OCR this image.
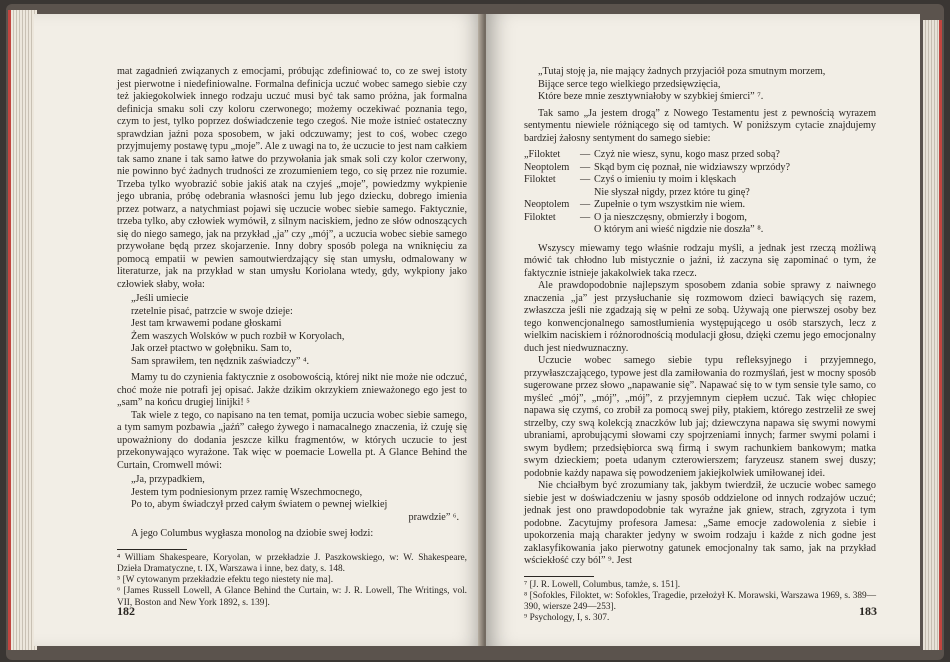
mat zagadnień związanych z emocjami, próbując zdefiniować to, co ze swej istoty jest pierwotne i niedefiniowalne. Formalna definicja uczuć wobec samego siebie czy też jakiegokolwiek innego rodzaju uczuć musi być tak samo próżna, jak formalna definicja smaku soli czy koloru czerwonego; możemy oczekiwać poznania tego, czym to jest, tylko poprzez doświadczenie tego czegoś. Nie może istnieć ostateczny sprawdzian jaźni poza sposobem, w jaki odczuwamy; jest to coś, wobec czego przyjmujemy postawę typu „moje”. Ale z uwagi na to, że uczucie to jest nam całkiem tak samo znane i tak samo łatwe do przywołania jak smak soli czy kolor czerwony, nie powinno być żadnych trudności ze zrozumieniem tego, co się przez nie rozumie. Trzeba tylko wyobrazić sobie jakiś atak na czyjeś „moje”, powiedzmy wykpienie jego ubrania, próbę odebrania własności jemu lub jego dziecku, dobrego imienia przez potwarz, a natychmiast pojawi się uczucie wobec siebie samego. Faktycznie, trzeba tylko, aby człowiek wymówił, z silnym naciskiem, jedno ze słów odnoszących się do niego samego, jak na przykład „ja” czy „mój”, a uczucia wobec siebie samego przywołane będą przez skojarzenie. Inny dobry sposób polega na wniknięciu za pomocą empatii w pewien samoutwierdzający się stan umysłu, odmalowany w literaturze, jak na przykład w stan umysłu Koriolana wtedy, gdy, wykpiony jako człowiek słaby, woła:

„Jeśli umiecie
rzetelnie pisać, patrzcie w swoje dzieje:
Jest tam krwawemi podane głoskami
Żem waszych Wolsków w puch rozbił w Koryolach,
Jak orzeł ptactwo w gołębniku. Sam to,
Sam sprawiłem, ten nędznik zaświadczy” ⁴.

Mamy tu do czynienia faktycznie z osobowością, której nikt nie może nie odczuć, choć może nie potrafi jej opisać. Jakże dzikim okrzykiem znieważonego ego jest to „sam” na końcu drugiej linijki! ⁵

Tak wiele z tego, co napisano na ten temat, pomija uczucia wobec siebie samego, a tym samym pozbawia „jaźń” całego żywego i namacalnego znaczenia, iż czuję się upoważniony do dodania jeszcze kilku fragmentów, w których uczucie to jest przekonywająco wyrażone. Tak więc w poemacie Lowella pt. A Glance Behind the Curtain, Cromwell mówi:

„Ja, przypadkiem,
Jestem tym podniesionym przez ramię Wszechmocnego,
Po to, abym świadczył przed całym światem o pewnej wielkiej
prawdzie” ⁶.

A jego Columbus wygłasza monolog na dziobie swej łodzi:

⁴ William Shakespeare, Koryolan, w przekładzie J. Paszkowskiego, w: W. Shakespeare, Dzieła Dramatyczne, t. IX, Warszawa i inne, bez daty, s. 148.
⁵ [W cytowanym przekładzie efektu tego niestety nie ma].
⁶ [James Russell Lowell, A Glance Behind the Curtain, w: J. R. Lowell, The Writings, vol. VII, Boston and New York 1892, s. 139].
182
„Tutaj stoję ja, nie mający żadnych przyjaciół poza smutnym morzem,
Bijące serce tego wielkiego przedsięwzięcia,
Które beze mnie zesztywniałoby w szybkiej śmierci” ⁷.

Tak samo „Ja jestem drogą” z Nowego Testamentu jest z pewnością wyrazem sentymentu niewiele różniącego się od tamtych. W poniższym cytacie znajdujemy bardziej żałosny sentyment do samego siebie:

„Filoktet	— Czyż nie wiesz, synu, kogo masz przed sobą?
Neoptolem	— Skąd bym cię poznał, nie widziawszy wprzódy?
Filoktet	— Czyś o imieniu ty moim i klęskach
Nie słyszał nigdy, przez które tu ginę?
Neoptolem	— Zupełnie o tym wszystkim nie wiem.
Filoktet	— O ja nieszczęsny, obmierzły i bogom,
O którym ani wieść nigdzie nie doszła” ⁸.

Wszyscy miewamy tego właśnie rodzaju myśli, a jednak jest rzeczą możliwą mówić tak chłodno lub mistycznie o jaźni, iż zaczyna się zapominać o tym, że faktycznie istnieje jakakolwiek taka rzecz.

Ale prawdopodobnie najlepszym sposobem zdania sobie sprawy z naiwnego znaczenia „ja” jest przysłuchanie się rozmowom dzieci bawiących się razem, zwłaszcza jeśli nie zgadzają się w pełni ze sobą. Używają one pierwszej osoby bez tego konwencjonalnego samostłumienia występującego u osób starszych, lecz z wielkim naciskiem i różnorodnością modulacji głosu, dzięki czemu jego emocjonalny duch jest niedwuznaczny.

Uczucie wobec samego siebie typu refleksyjnego i przyjemnego, przywłaszczającego, typowe jest dla zamiłowania do rozmyślań, jest w mocny sposób sugerowane przez słowo „napawanie się”. Napawać się to w tym sensie tyle samo, co myśleć „mój”, „mój”, „mój”, z przyjemnym ciepłem uczuć. Tak więc chłopiec napawa się czymś, co zrobił za pomocą swej piły, ptakiem, którego zestrzelił ze swej strzelby, czy swą kolekcją znaczków lub jaj; dziewczyna napawa się swymi nowymi ubraniami, aprobującymi słowami czy spojrzeniami innych; farmer swymi polami i swym bydłem; przedsiębiorca swą firmą i swym rachunkiem bankowym; matka swym dzieckiem; poeta udanym czterowierszem; faryzeusz stanem swej duszy; podobnie każdy napawa się powodzeniem jakiejkolwiek umiłowanej idei.

Nie chciałbym być zrozumiany tak, jakbym twierdził, że uczucie wobec samego siebie jest w doświadczeniu w jasny sposób oddzielone od innych rodzajów uczuć; jednak jest ono prawdopodobnie tak wyraźne jak gniew, strach, zgryzota i tym podobne. Zacytujmy profesora Jamesa: „Same emocje zadowolenia z siebie i upokorzenia mają charakter jedyny w swoim rodzaju i każde z nich godne jest zaklasyfikowania jako pierwotny gatunek emocjonalny tak samo, jak na przykład wściekłość czy ból” ⁹. Jest

⁷ [J. R. Lowell, Columbus, tamże, s. 151].
⁸ [Sofokles, Filoktet, w: Sofokles, Tragedie, przełożył K. Morawski, Warszawa 1969, s. 389—390, wiersze 249—253].
⁹ Psychology, I, s. 307.
183
